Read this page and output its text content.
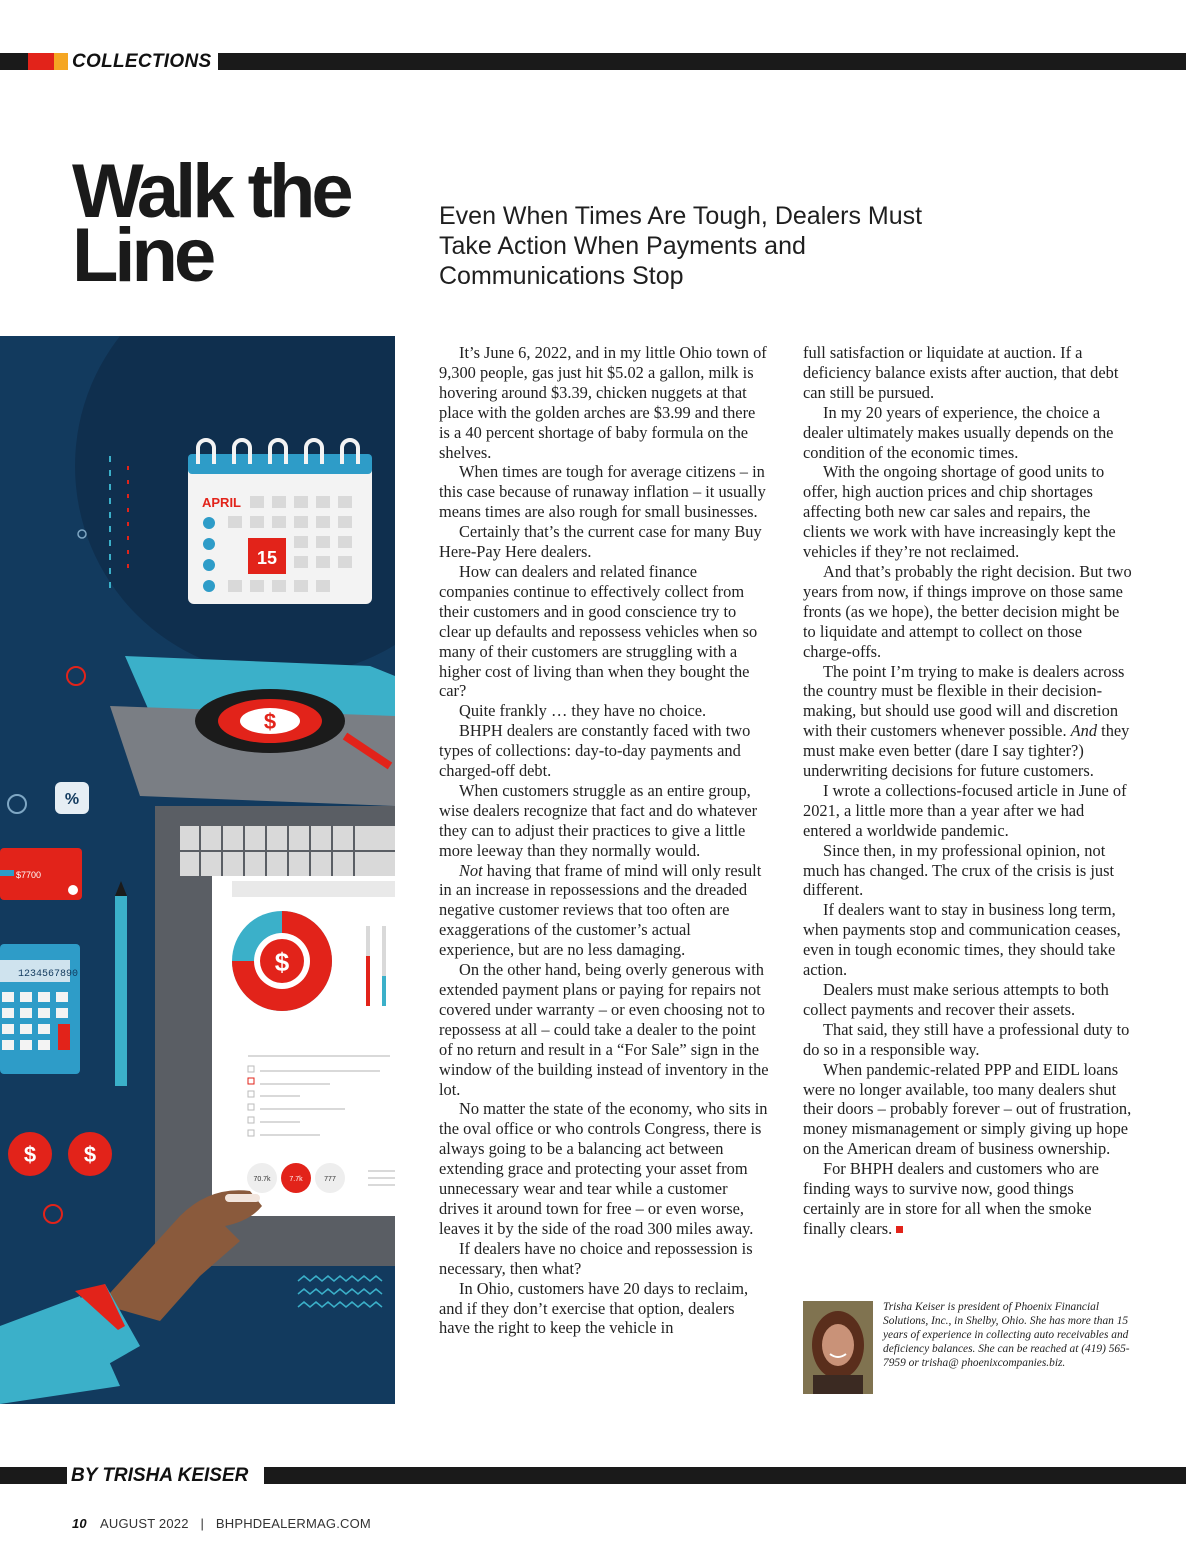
COLLECTIONS
Walk the
Line	Even When Times Are Tough, Dealers Must Take Action When Payments and Communications Stop
APRIL
15
$
%
$7700
1234567890
$ $
$
70.7k	7.7k	777

It’s June 6, 2022, and in my little Ohio town of 9,300 people, gas just hit $5.02 a gallon, milk is hovering around $3.39, chicken nuggets at that place with the golden arches are $3.99 and there is a 40 percent shortage of baby formula on the shelves.

When times are tough for average citizens – in this case because of runaway inflation – it usually means times are also rough for small businesses.

Certainly that’s the current case for many Buy Here-Pay Here dealers.

How can dealers and related finance companies continue to effectively collect from their customers and in good conscience try to clear up defaults and repossess vehicles when so many of their customers are struggling with a higher cost of living than when they bought the car?

Quite frankly … they have no choice.

BHPH dealers are constantly faced with two types of collections: day-to-day payments and charged-off debt.

When customers struggle as an entire group, wise dealers recognize that fact and do whatever they can to adjust their practices to give a little more leeway than they normally would.

Not having that frame of mind will only result in an increase in repossessions and the dreaded negative customer reviews that too often are exaggerations of the customer’s actual experience, but are no less damaging.

On the other hand, being overly generous with extended payment plans or paying for repairs not covered under warranty – or even choosing not to repossess at all – could take a dealer to the point of no return and result in a “For Sale” sign in the window of the building instead of inventory in the lot.

No matter the state of the economy, who sits in the oval office or who controls Congress, there is always going to be a balancing act between extending grace and protecting your asset from unnecessary wear and tear while a customer drives it around town for free – or even worse, leaves it by the side of the road 300 miles away.

If dealers have no choice and repossession is necessary, then what?

In Ohio, customers have 20 days to reclaim, and if they don’t exercise that option, dealers have the right to keep the vehicle in

full satisfaction or liquidate at auction. If a deficiency balance exists after auction, that debt can still be pursued.

In my 20 years of experience, the choice a dealer ultimately makes usually depends on the condition of the economic times.

With the ongoing shortage of good units to offer, high auction prices and chip shortages affecting both new car sales and repairs, the clients we work with have increasingly kept the vehicles if they’re not reclaimed.

And that’s probably the right decision. But two years from now, if things improve on those same fronts (as we hope), the better decision might be to liquidate and attempt to collect on those charge-offs.

The point I’m trying to make is dealers across the country must be flexible in their decision-making, but should use good will and discretion with their customers whenever possible. And they must make even better (dare I say tighter?) underwriting decisions for future customers.

I wrote a collections-focused article in June of 2021, a little more than a year after we had entered a worldwide pandemic.

Since then, in my professional opinion, not much has changed. The crux of the crisis is just different.

If dealers want to stay in business long term, when payments stop and communication ceases, even in tough economic times, they should take action.

Dealers must make serious attempts to both collect payments and recover their assets.

That said, they still have a professional duty to do so in a responsible way.

When pandemic-related PPP and EIDL loans were no longer available, too many dealers shut their doors – probably forever – out of frustration, money mismanagement or simply giving up hope on the American dream of business ownership.

For BHPH dealers and customers who are finding ways to survive now, good things certainly are in store for all when the smoke finally clears.

Trisha Keiser is president of Phoenix Financial Solutions, Inc., in Shelby, Ohio. She has more than 15 years of experience in collecting auto receivables and deficiency balances. She can be reached at (419) 565-7959 or trisha@ phoenixcompanies.biz.

BY TRISHA KEISER
10 AUGUST 2022 | BHPHDEALERMAG.COM
